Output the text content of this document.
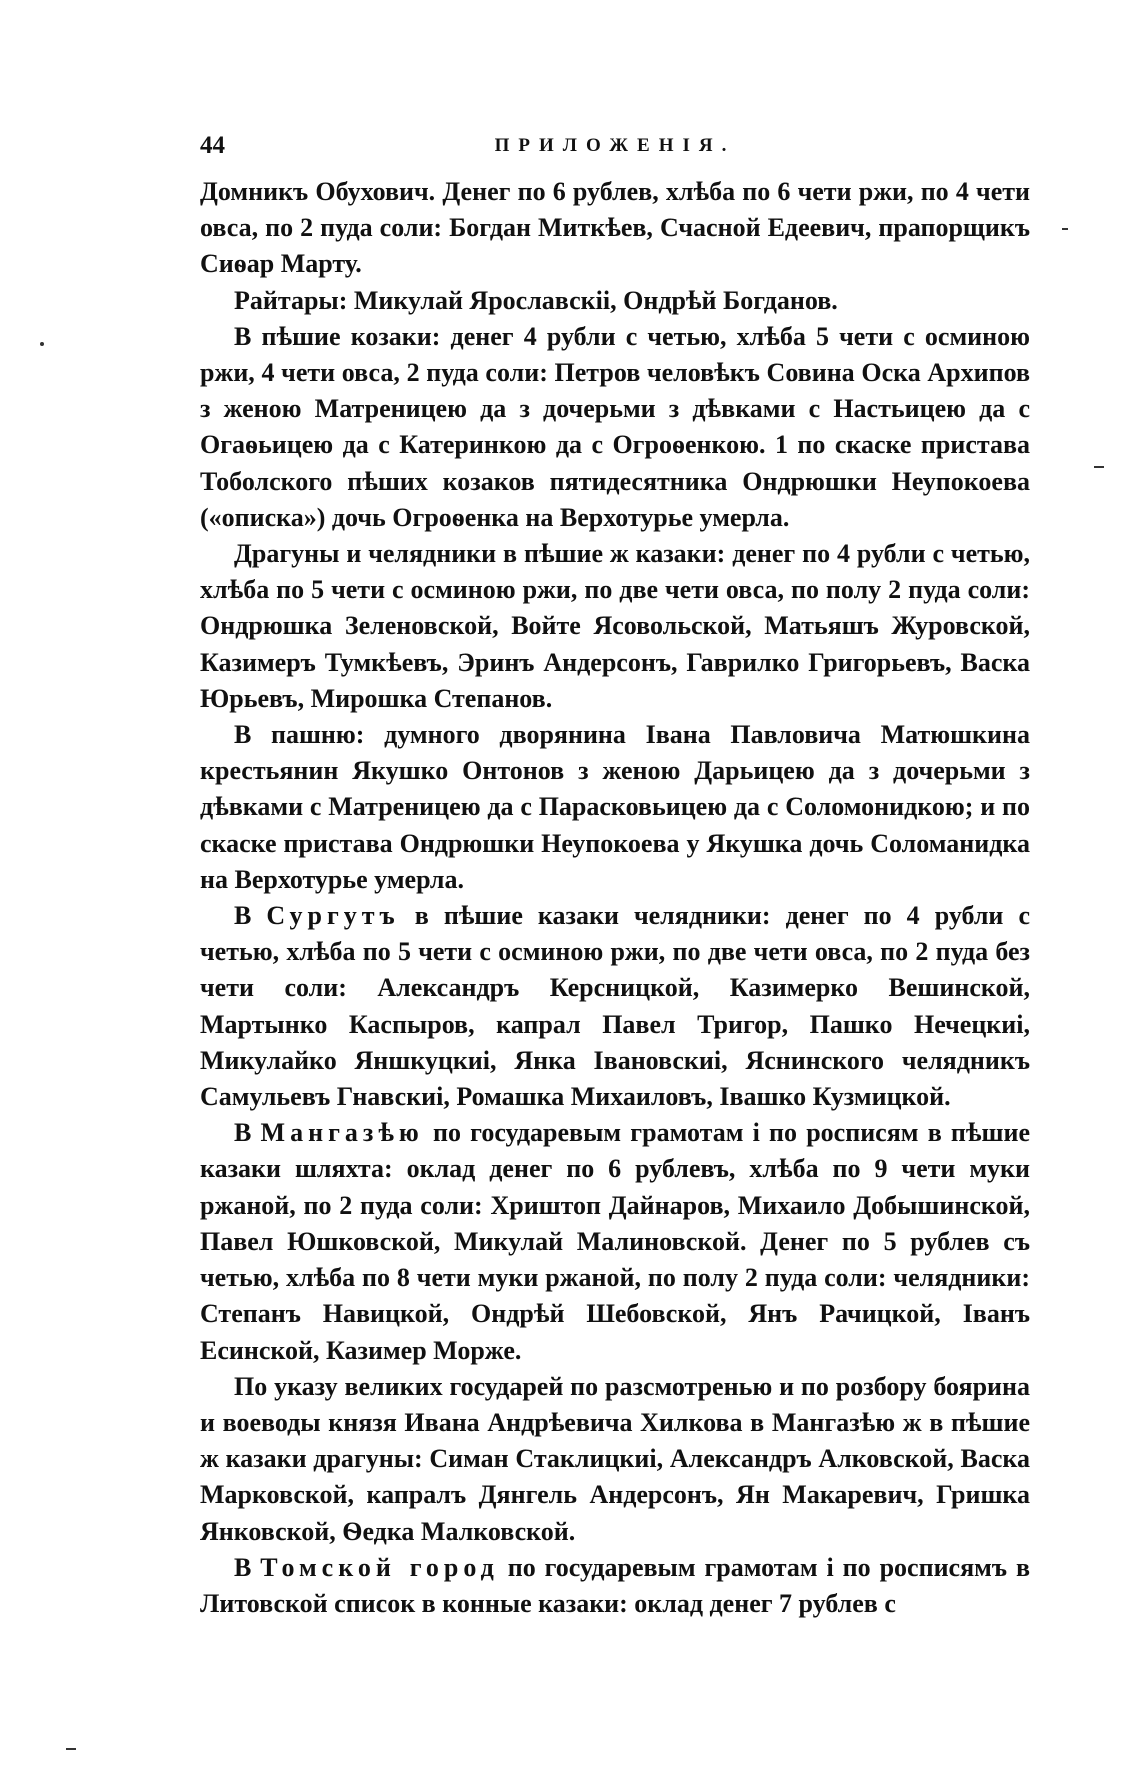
44	ПРИЛОЖЕНІЯ.

Домникъ Обухович. Денег по 6 рублев, хлѣба по 6 чети ржи, по 4 чети овса, по 2 пуда соли: Богдан Миткѣев, Счасной Едеевич, прапорщикъ Сиѳар Марту.

Райтары: Микулай Ярославскіі, Ондрѣй Богданов.

В пѣшие козаки: денег 4 рубли с четью, хлѣба 5 чети с осминою ржи, 4 чети овса, 2 пуда соли: Петров человѣкъ Совина Оска Архипов з женою Матреницею да з дочерьми з дѣвками с Настьицею да с Огаѳьицею да с Катеринкою да с Огроѳенкою. 1 по скаске пристава Тоболского пѣших козаков пятидесятника Ондрюшки Неупокоева («описка») дочь Огроѳенка на Верхотурье умерла.

Драгуны и челядники в пѣшие ж казаки: денег по 4 рубли с четью, хлѣба по 5 чети с осминою ржи, по две чети овса, по полу 2 пуда соли: Ондрюшка Зеленовской, Войте Ясовольской, Матьяшъ Журовской, Казимеръ Тумкѣевъ, Эринъ Андерсонъ, Гаврилко Григорьевъ, Васка Юрьевъ, Мирошка Степанов.

В пашню: думного дворянина Івана Павловича Матюшкина крестьянин Якушко Онтонов з женою Дарьицею да з дочерьми з дѣвками с Матреницею да с Парасковьицею да с Соломонидкою; и по скаске пристава Ондрюшки Неупокоева у Якушка дочь Соломанидка на Верхотурье умерла.

В Сургутъ в пѣшие казаки челядники: денег по 4 рубли с четью, хлѣба по 5 чети с осминою ржи, по две чети овса, по 2 пуда без чети соли: Александръ Керсницкой, Казимерко Вешинской, Мартынко Каспыров, капрал Павел Тригор, Пашко Нечецкиі, Микулайко Яншкуцкиі, Янка Івановскиі, Яснинского челядникъ Самульевъ Гнавскиі, Ромашка Михаиловъ, Івашко Кузмицкой.

В Мангазѣю по государевым грамотам і по росписям в пѣшие казаки шляхта: оклад денег по 6 рублевъ, хлѣба по 9 чети муки ржаной, по 2 пуда соли: Хриштоп Дайнаров, Михаило Добышинской, Павел Юшковской, Микулай Малиновской. Денег по 5 рублев съ четью, хлѣба по 8 чети муки ржаной, по полу 2 пуда соли: челядники: Степанъ Навицкой, Ондрѣй Шебовской, Янъ Рачицкой, Іванъ Есинской, Казимер Морже.

По указу великих государей по разсмотренью и по розбору боярина и воеводы князя Ивана Андрѣевича Хилкова в Мангазѣю ж в пѣшие ж казаки драгуны: Симан Стаклицкиі, Александръ Алковской, Васка Марковской, капралъ Дянгель Андерсонъ, Ян Макаревич, Гришка Янковской, Ѳедка Малковской.

В Томской город по государевым грамотам і по росписямъ в Литовской список в конные казаки: оклад денег 7 рублев с
